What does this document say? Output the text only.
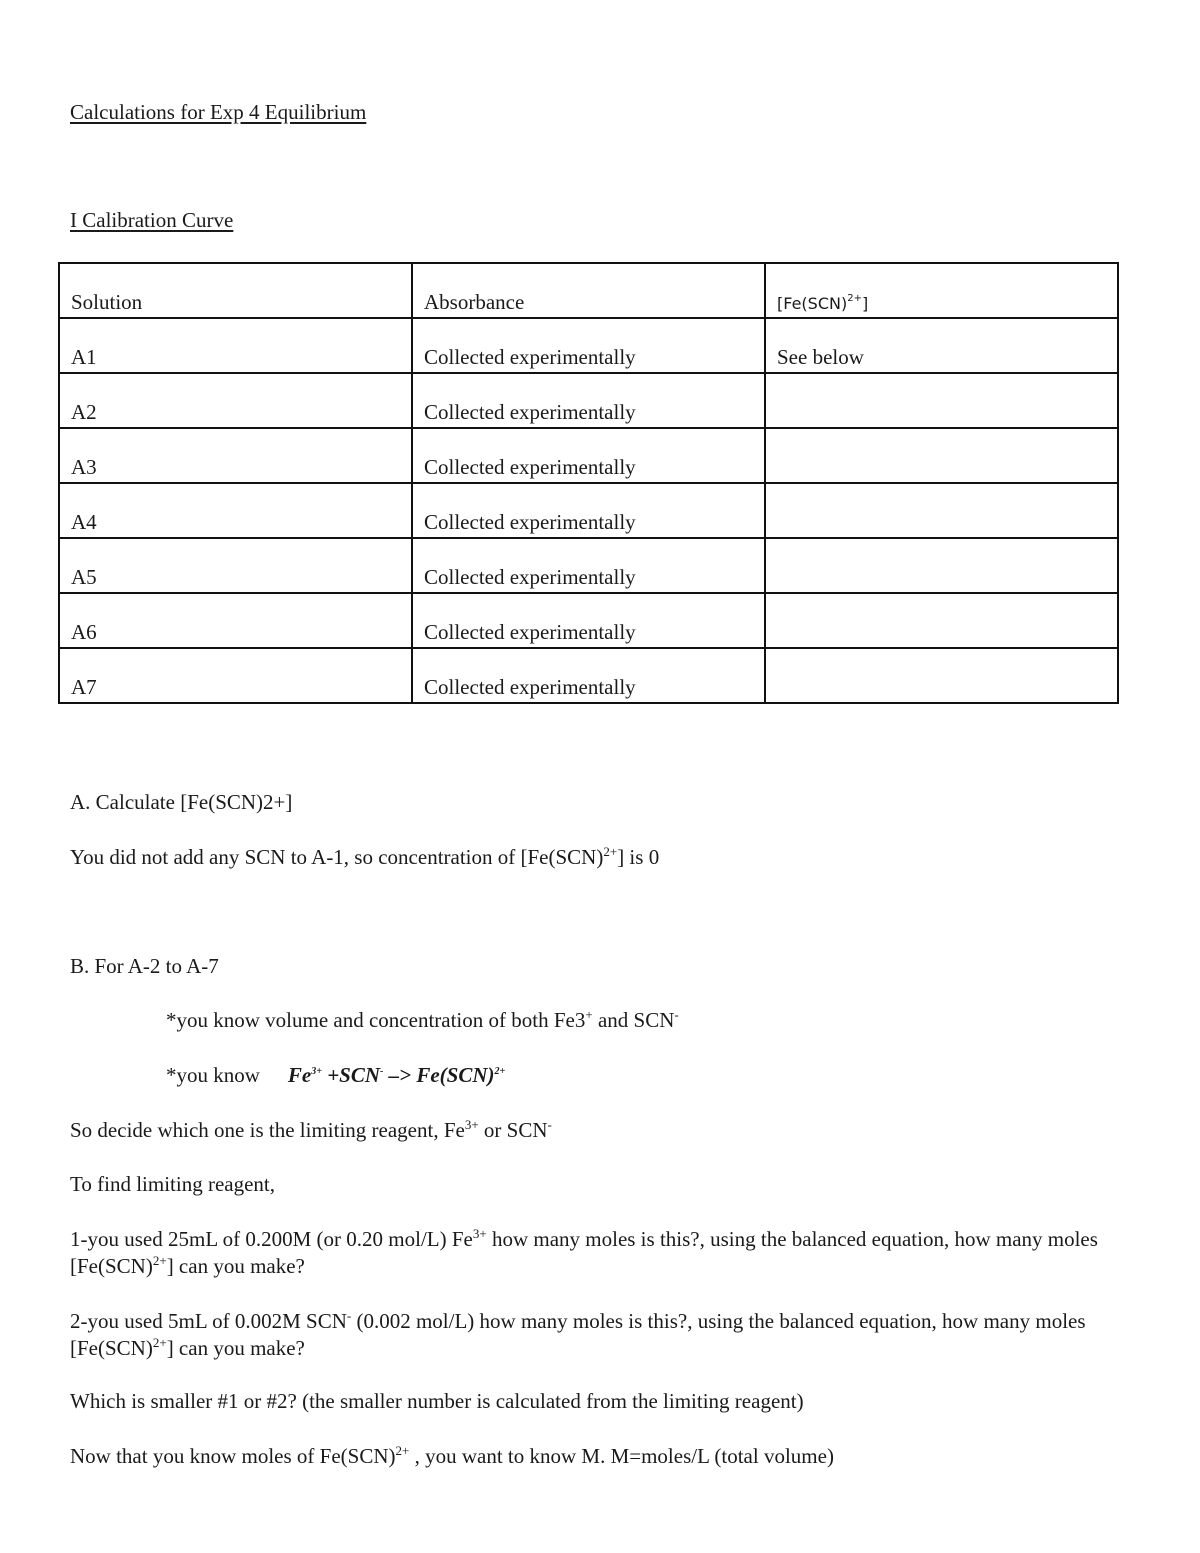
Calculations for Exp 4 Equilibrium
I Calibration Curve
Solution	Absorbance	[Fe(SCN)$^{2+}$]
A1	Collected experimentally	See below
A2	Collected experimentally	
A3	Collected experimentally	
A4	Collected experimentally	
A5	Collected experimentally	
A6	Collected experimentally	
A7	Collected experimentally	
A. Calculate [Fe(SCN)2+]
You did not add any SCN to A-1, so concentration of [Fe(SCN)$^{2+}$] is 0
B. For A-2 to A-7
*you know volume and concentration of both Fe3+ and SCN-
*you know $Fe^{3+} +SCN^- -> Fe(SCN)^{2+}$
So decide which one is the limiting reagent, $Fe^{3+}$ or SCN-
To find limiting reagent,
1-you used 25mL of 0.200M (or 0.20 mol/L) $Fe^{3+}$ how many moles is this?, using the balanced equation, how many moles [Fe(SCN)$^{2+}$] can you make?
2-you used 5mL of 0.002M SCN- (0.002 mol/L) how many moles is this?, using the balanced equation, how many moles [Fe(SCN)$^{2+}$] can you make?
Which is smaller #1 or #2? (the smaller number is calculated from the limiting reagent)
Now that you know moles of Fe(SCN)$^{2+}$ , you want to know M. M=moles/L (total volume)
